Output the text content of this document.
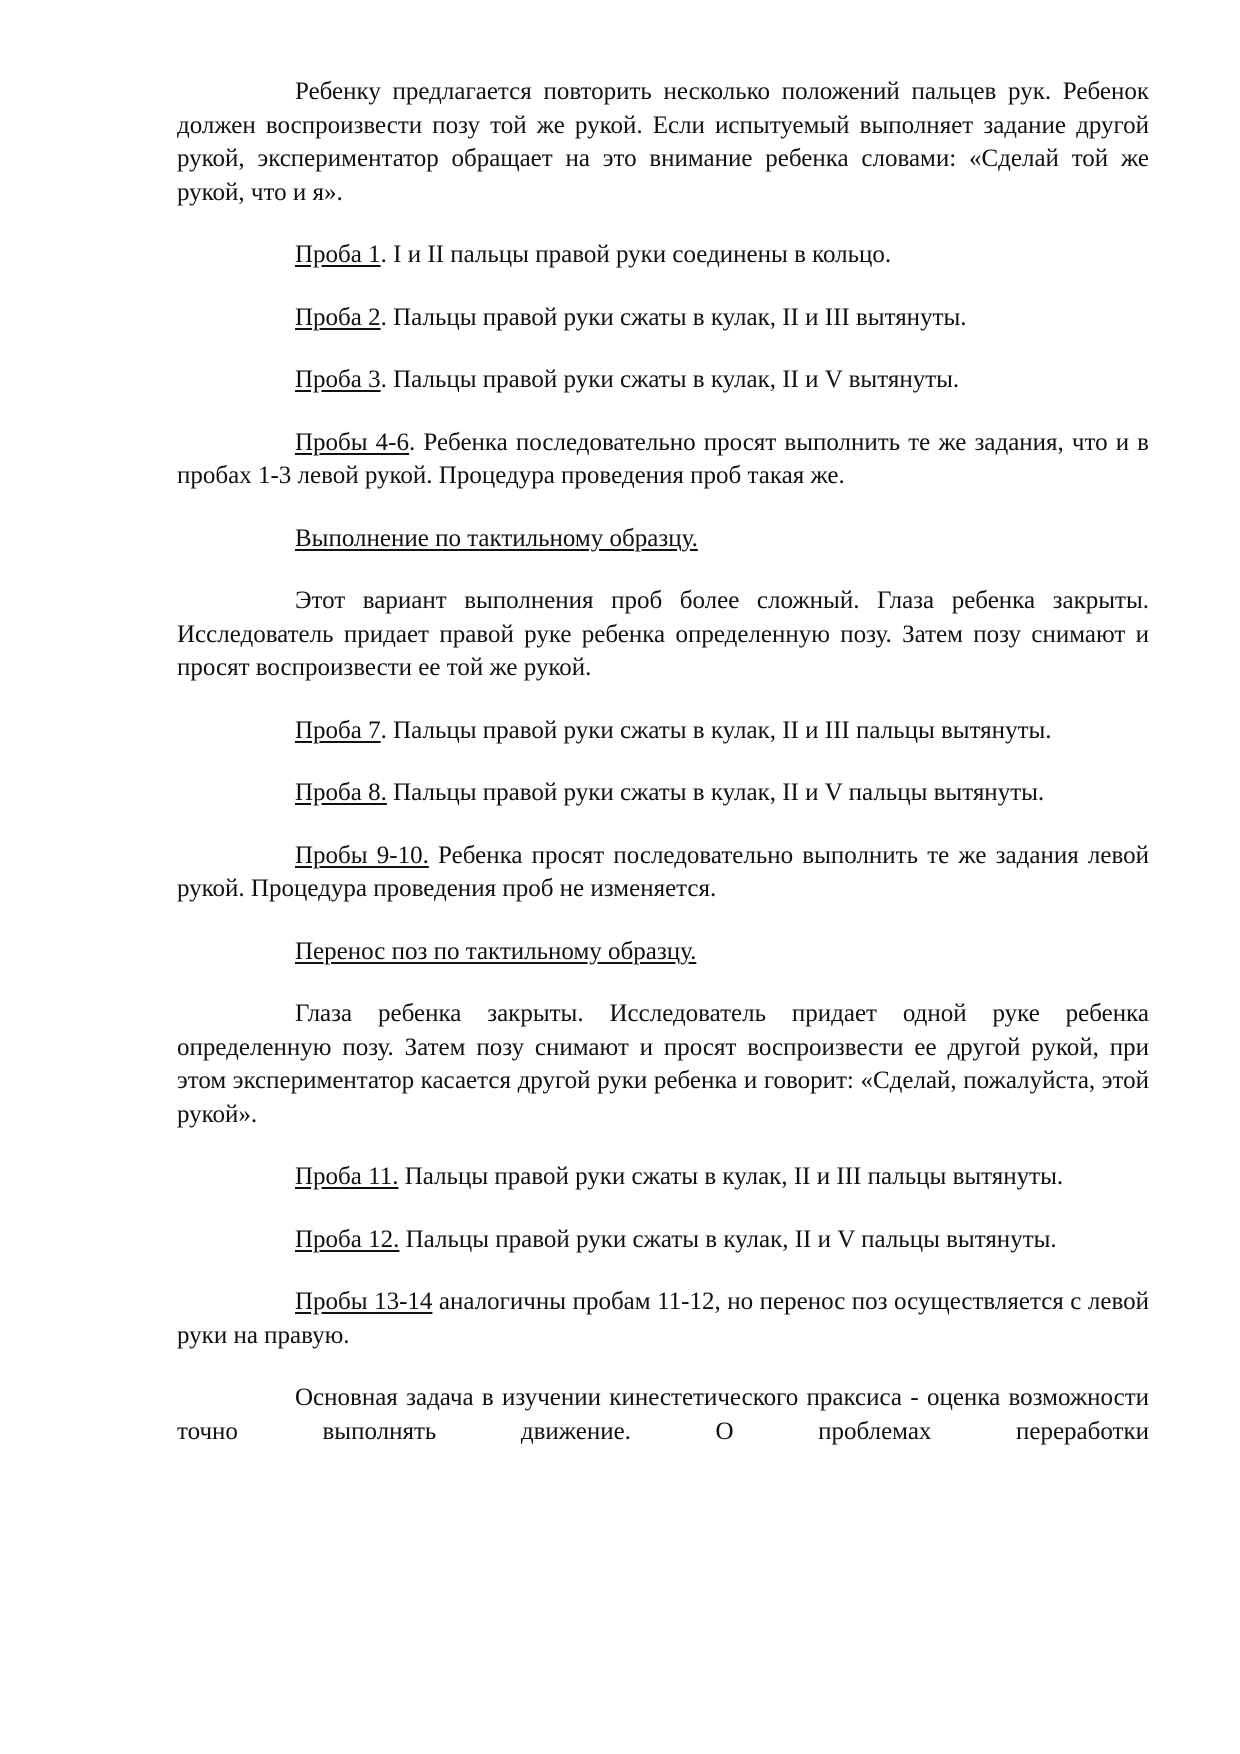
Ребенку предлагается повторить несколько положений пальцев рук. Ребенок должен воспроизвести позу той же рукой. Если испытуемый выполняет задание другой рукой, экспериментатор обращает на это внимание ребенка словами: «Сделай той же рукой, что и я».

Проба 1. I и II пальцы правой руки соединены в кольцо.

Проба 2. Пальцы правой руки сжаты в кулак, II и III вытянуты.

Проба 3. Пальцы правой руки сжаты в кулак, II и V вытянуты.

Пробы 4-6. Ребенка последовательно просят выполнить те же задания, что и в пробах 1-3 левой рукой. Процедура проведения проб такая же.

Выполнение по тактильному образцу.

Этот вариант выполнения проб более сложный. Глаза ребенка закрыты. Исследователь придает правой руке ребенка определенную позу. Затем позу снимают и просят воспроизвести ее той же рукой.

Проба 7. Пальцы правой руки сжаты в кулак, II и III пальцы вытянуты.

Проба 8. Пальцы правой руки сжаты в кулак, II и V пальцы вытянуты.

Пробы 9-10. Ребенка просят последовательно выполнить те же задания левой рукой. Процедура проведения проб не изменяется.

Перенос поз по тактильному образцу.

Глаза ребенка закрыты. Исследователь придает одной руке ребенка определенную позу. Затем позу снимают и просят воспроизвести ее другой рукой, при этом экспериментатор касается другой руки ребенка и говорит: «Сделай, пожалуйста, этой рукой».

Проба 11. Пальцы правой руки сжаты в кулак, II и III пальцы вытянуты.

Проба 12. Пальцы правой руки сжаты в кулак, II и V пальцы вытянуты.

Пробы 13-14 аналогичны пробам 11-12, но перенос поз осуществляется с левой руки на правую.

Основная задача в изучении кинестетического праксиса - оценка возможности точно выполнять движение. О проблемах переработки
